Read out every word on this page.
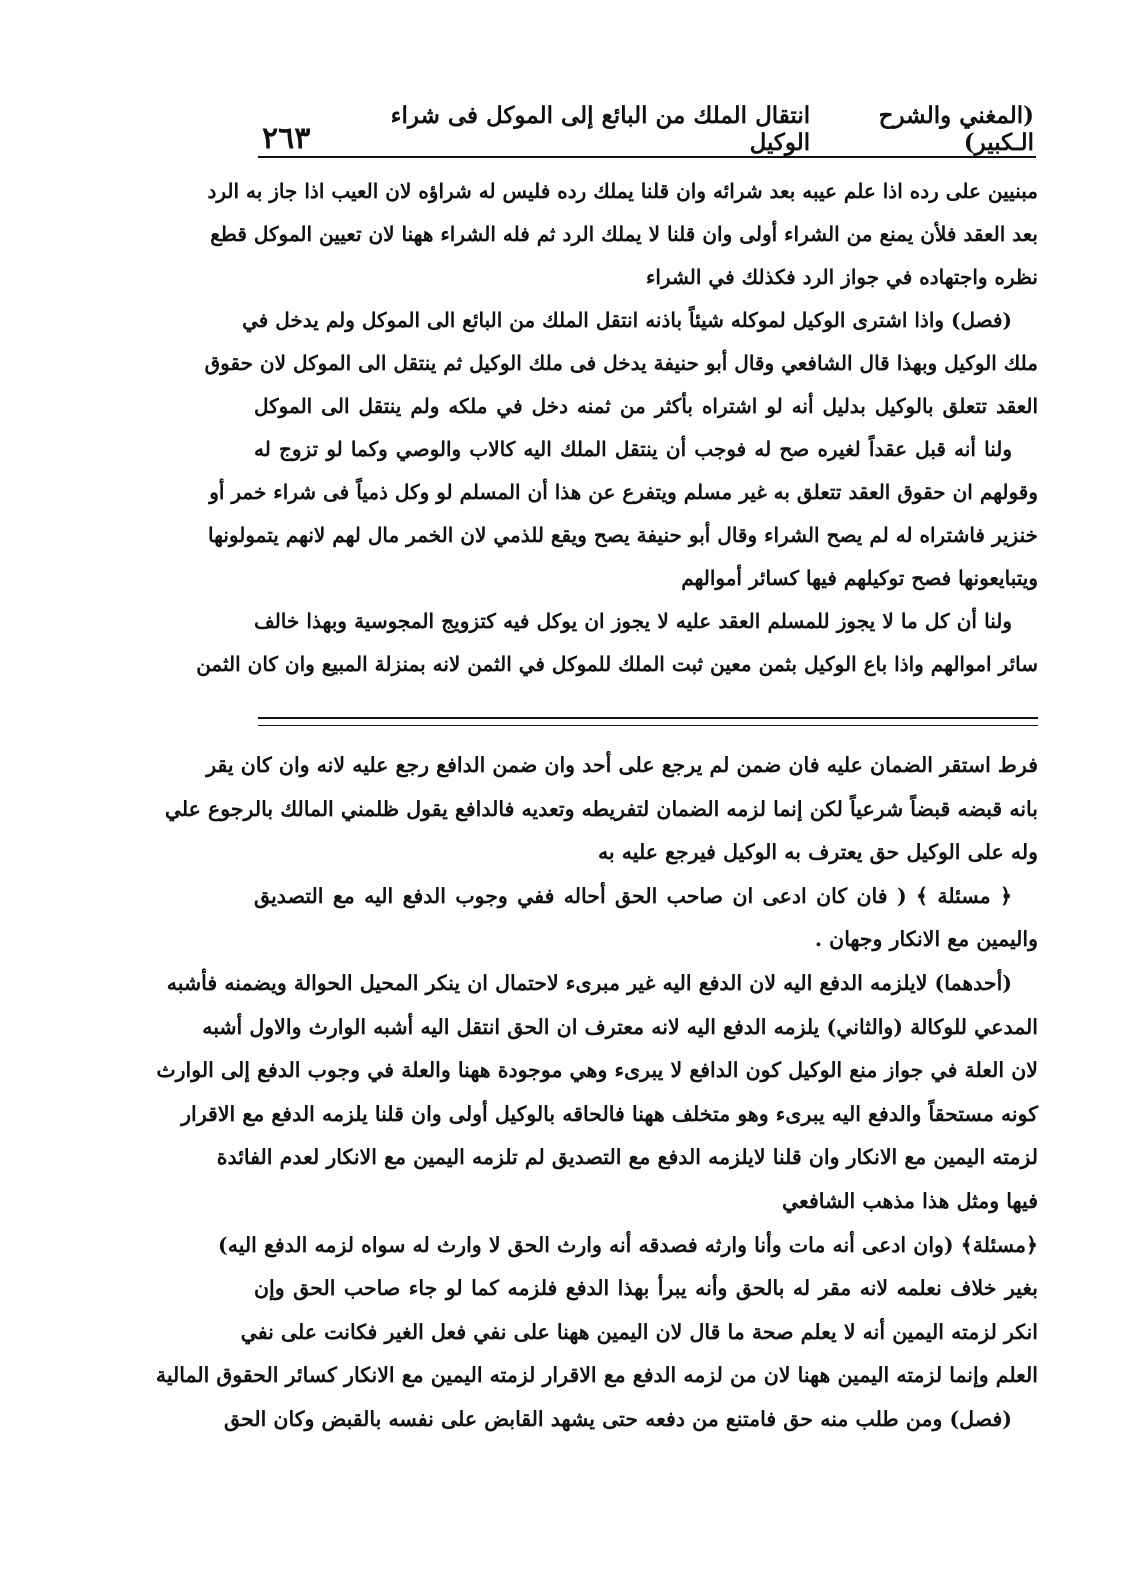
(المغني والشرح الـكبير)
انتقال الملك من البائع إلى الموكل فى شراء الوكيل
٢٦٣
مبنيين على رده اذا علم عيبه بعد شرائه وان قلنا يملك رده فليس له شراؤه لان العيب اذا جاز به الرد
بعد العقد فلأن يمنع من الشراء أولى وان قلنا لا يملك الرد ثم فله الشراء ههنا لان تعيين الموكل قطع
نظره واجتهاده في جواز الرد فكذلك في الشراء
(فصل) واذا اشترى الوكيل لموكله شيئاً باذنه انتقل الملك من البائع الى الموكل ولم يدخل في
ملك الوكيل وبهذا قال الشافعي وقال أبو حنيفة يدخل فى ملك الوكيل ثم ينتقل الى الموكل لان حقوق
العقد تتعلق بالوكيل بدليل أنه لو اشتراه بأكثر من ثمنه دخل في ملكه ولم ينتقل الى الموكل
ولنا أنه قبل عقداً لغيره صح له فوجب أن ينتقل الملك اليه كالاب والوصي وكما لو تزوج له
وقولهم ان حقوق العقد تتعلق به غير مسلم ويتفرع عن هذا أن المسلم لو وكل ذمياً فى شراء خمر أو
خنزير فاشتراه له لم يصح الشراء وقال أبو حنيفة يصح ويقع للذمي لان الخمر مال لهم لانهم يتمولونها
ويتبايعونها فصح توكيلهم فيها كسائر أموالهم
ولنا أن كل ما لا يجوز للمسلم العقد عليه لا يجوز ان يوكل فيه كتزويج المجوسية وبهذا خالف
سائر اموالهم واذا باع الوكيل بثمن معين ثبت الملك للموكل في الثمن لانه بمنزلة المبيع وان كان الثمن
فرط استقر الضمان عليه فان ضمن لم يرجع على أحد وان ضمن الدافع رجع عليه لانه وان كان يقر
بانه قبضه قبضاً شرعياً لكن إنما لزمه الضمان لتفريطه وتعديه فالدافع يقول ظلمني المالك بالرجوع علي
وله على الوكيل حق يعترف به الوكيل فيرجع عليه به
﴿ مسئلة ﴾ ( فان كان ادعى ان صاحب الحق أحاله ففي وجوب الدفع اليه مع التصديق
واليمين مع الانكار وجهان .
(أحدهما) لايلزمه الدفع اليه لان الدفع اليه غير مبرىء لاحتمال ان ينكر المحيل الحوالة ويضمنه فأشبه
المدعي للوكالة (والثاني) يلزمه الدفع اليه لانه معترف ان الحق انتقل اليه أشبه الوارث والاول أشبه
لان العلة في جواز منع الوكيل كون الدافع لا يبرىء وهي موجودة ههنا والعلة في وجوب الدفع إلى الوارث
كونه مستحقاً والدفع اليه يبرىء وهو متخلف ههنا فالحاقه بالوكيل أولى وان قلنا يلزمه الدفع مع الاقرار
لزمته اليمين مع الانكار وان قلنا لايلزمه الدفع مع التصديق لم تلزمه اليمين مع الانكار لعدم الفائدة
فيها ومثل هذا مذهب الشافعي
﴿مسئلة﴾ (وان ادعى أنه مات وأنا وارثه فصدقه أنه وارث الحق لا وارث له سواه لزمه الدفع اليه)
بغير خلاف نعلمه لانه مقر له بالحق وأنه يبرأ بهذا الدفع فلزمه كما لو جاء صاحب الحق وإن
انكر لزمته اليمين أنه لا يعلم صحة ما قال لان اليمين ههنا على نفي فعل الغير فكانت على نفي
العلم وإنما لزمته اليمين ههنا لان من لزمه الدفع مع الاقرار لزمته اليمين مع الانكار كسائر الحقوق المالية
(فصل) ومن طلب منه حق فامتنع من دفعه حتى يشهد القابض على نفسه بالقبض وكان الحق
